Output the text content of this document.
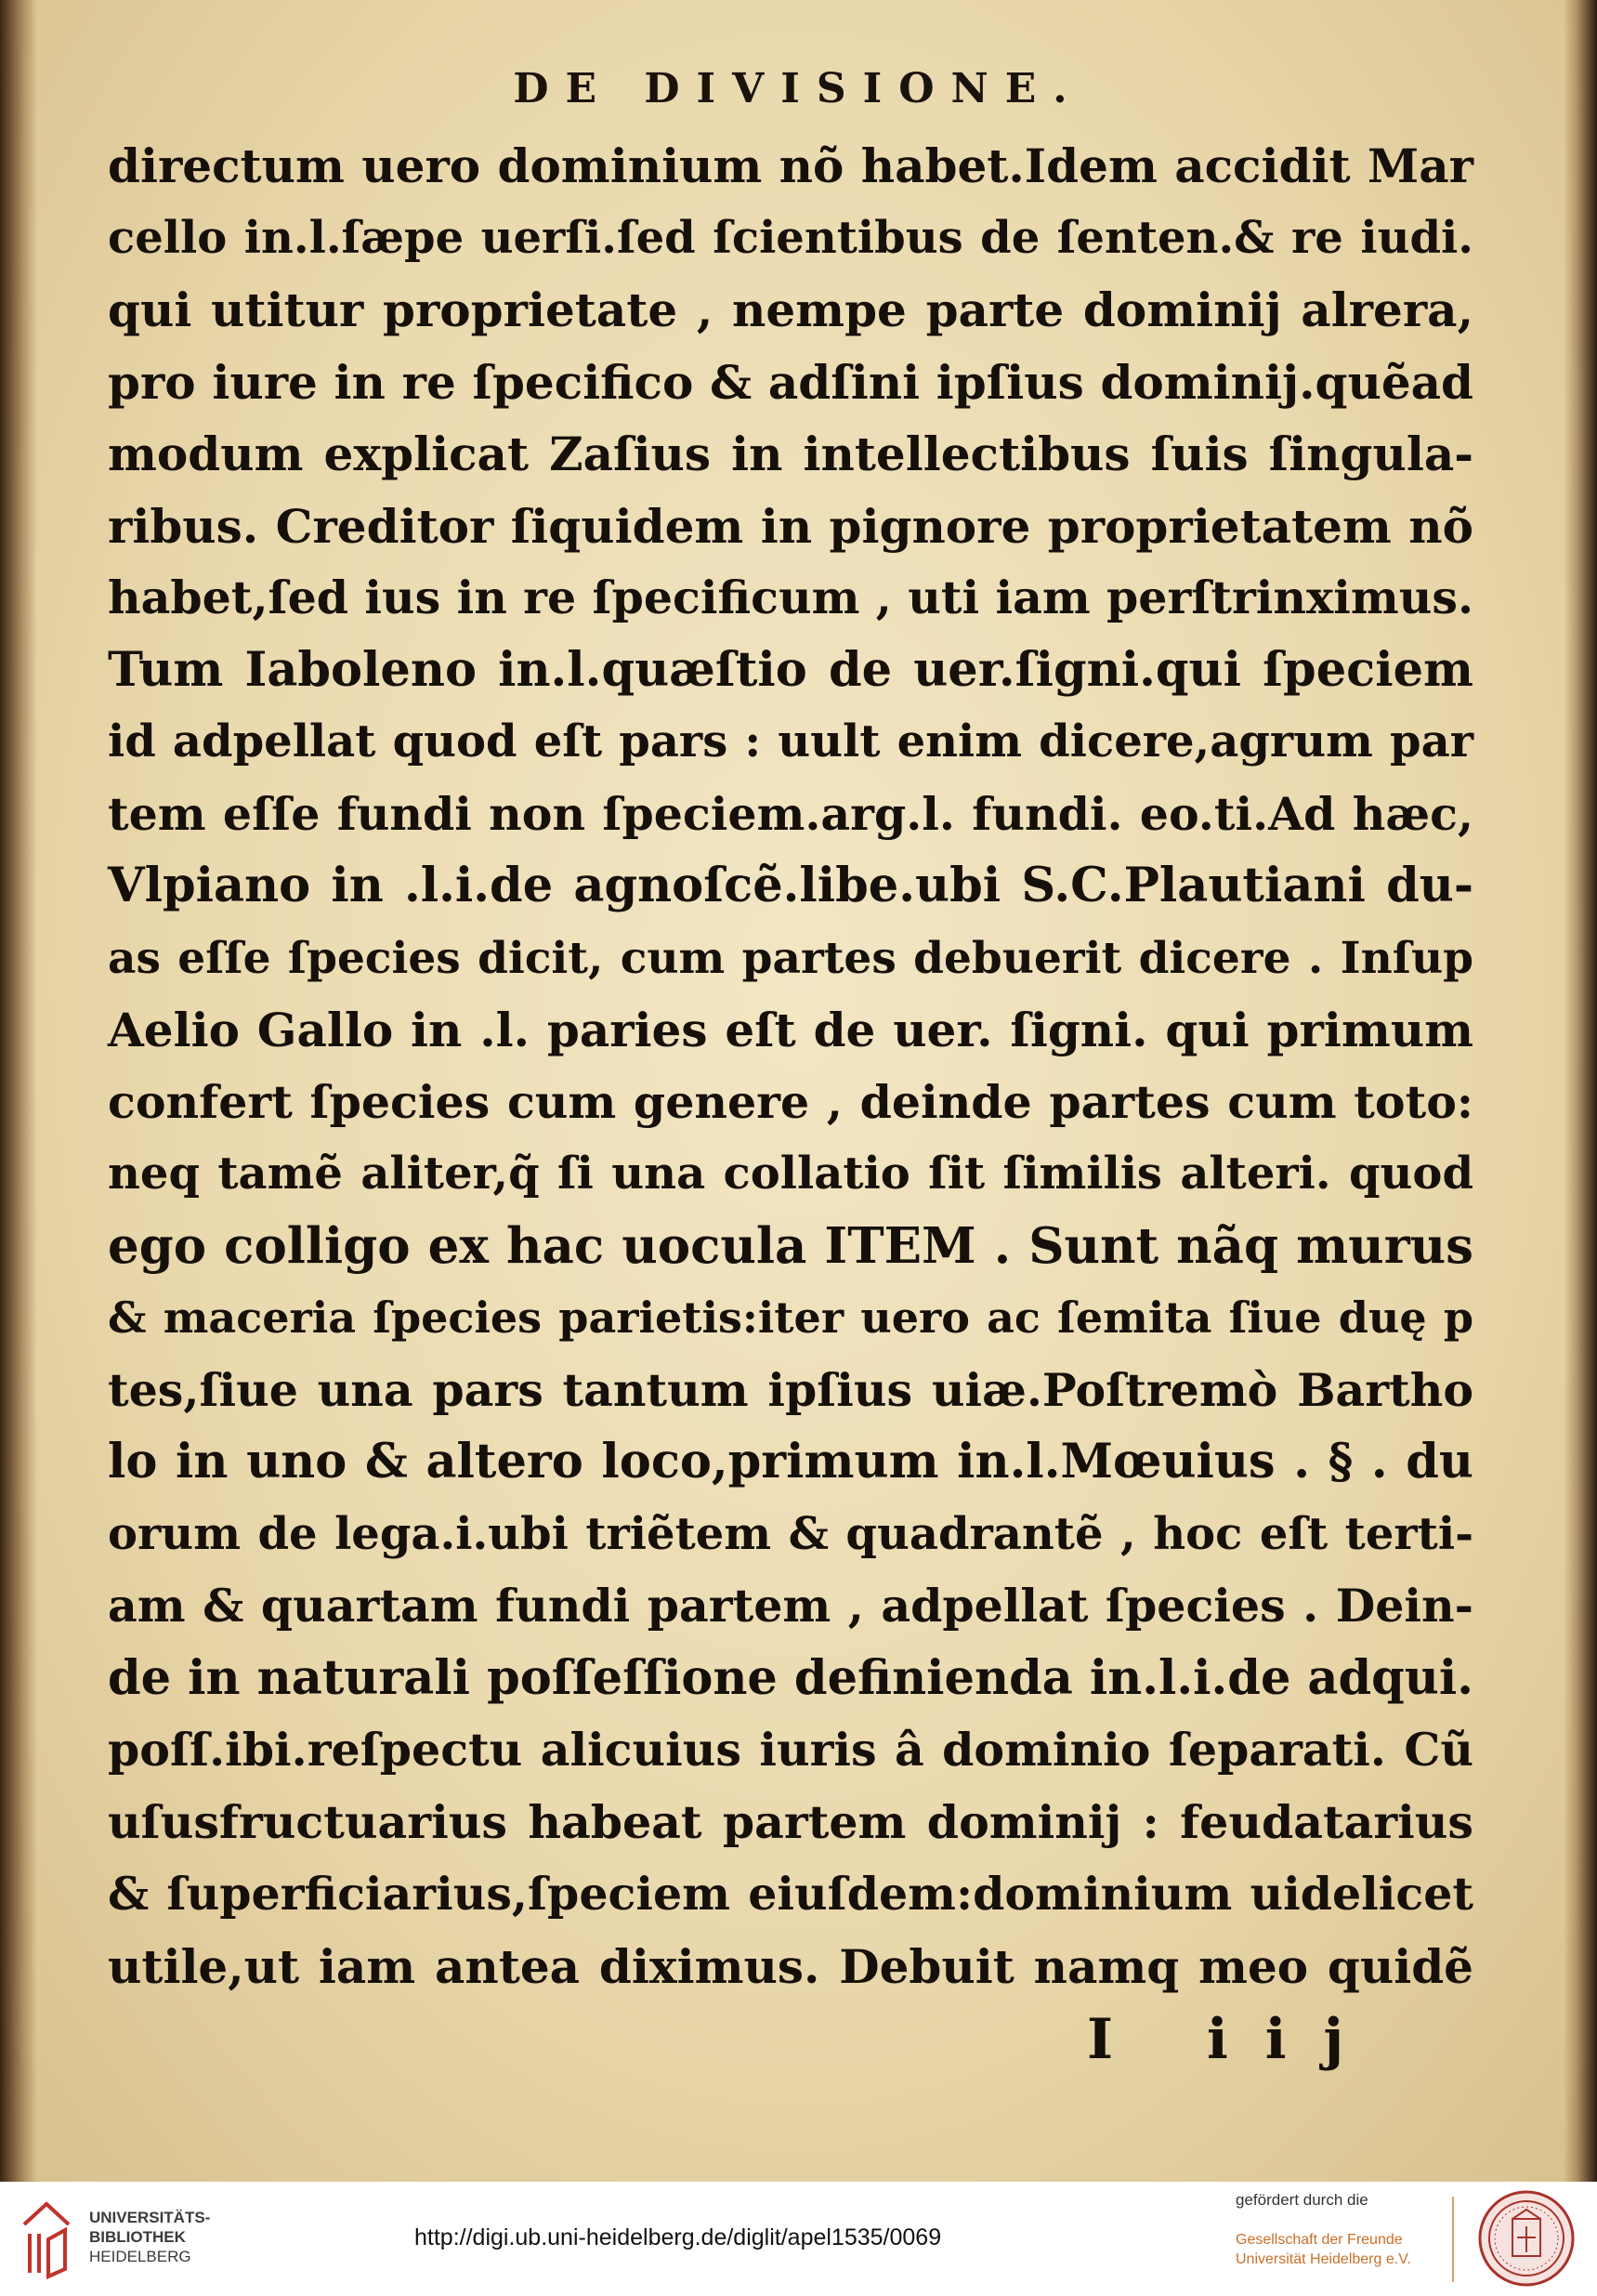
DE DIVISIONE.
directum uero dominium nõ habet.Idem accidit Mar
cello in.l.ſæpe uerſi.ſed ſcientibus de ſenten.& re iudi.
qui utitur proprietate , nempe parte dominij alrera,
pro iure in re ſpecifico & adſini ipſius dominij.quẽad
modum explicat Zaſius in intellectibus ſuis ſingula-
ribus. Creditor ſiquidem in pignore proprietatem nõ
habet,ſed ius in re ſpecificum , uti iam perſtrinximus.
Tum Iaboleno in.l.quæſtio de uer.ſigni.qui ſpeciem
id adpellat quod eſt pars : uult enim dicere,agrum par
tem eſſe fundi non ſpeciem.arg.l. fundi. eo.ti.Ad hæc,
Vlpiano in .l.i.de agnoſcẽ.libe.ubi S.C.Plautiani du-
as eſſe ſpecies dicit, cum partes debuerit dicere . Inſup
Aelio Gallo in .l. paries eſt de uer. ſigni. qui primum
confert ſpecies cum genere , deinde partes cum toto:
neq tamẽ aliter,q̃ ſi una collatio ſit ſimilis alteri. quod
ego colligo ex hac uocula ITEM . Sunt nãq murus
& maceria ſpecies parietis:iter uero ac ſemita ſiue duę p
tes,ſiue una pars tantum ipſius uiæ.Poſtremò Bartho
lo in uno & altero loco,primum in.l.Mœuius . § . du
orum de lega.i.ubi triẽtem & quadrantẽ , hoc eſt terti-
am & quartam fundi partem , adpellat ſpecies . Dein-
de in naturali poſſeſſione definienda in.l.i.de adqui.
poſſ.ibi.reſpectu alicuius iuris â dominio ſeparati. Cũ
uſusfructuarius habeat partem dominij : feudatarius
& ſuperficiarius,ſpeciem eiuſdem:dominium uidelicet
utile,ut iam antea diximus. Debuit namq meo quidẽ
I iij
UNIVERSITÄTS-
BIBLIOTHEK
HEIDELBERG
http://digi.ub.uni-heidelberg.de/diglit/apel1535/0069
gefördert durch die
Gesellschaft der Freunde
Universität Heidelberg e.V.
